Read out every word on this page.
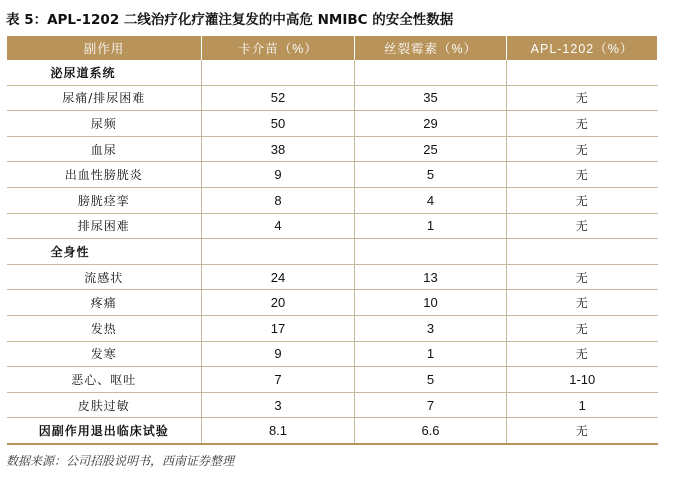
表 5：APL-1202 二线治疗化疗灌注复发的中高危 NMIBC 的安全性数据
副作用	卡介苗（%）	丝裂霉素（%）	APL-1202（%）
泌尿道系统			
尿痛/排尿困难	52	35	无
尿频	50	29	无
血尿	38	25	无
出血性膀胱炎	9	5	无
膀胱痉挛	8	4	无
排尿困难	4	1	无
全身性			
流感状	24	13	无
疼痛	20	10	无
发热	17	3	无
发寒	9	1	无
恶心、呕吐	7	5	1-10
皮肤过敏	3	7	1
因副作用退出临床试验	8.1	6.6	无
数据来源：公司招股说明书，西南证券整理
